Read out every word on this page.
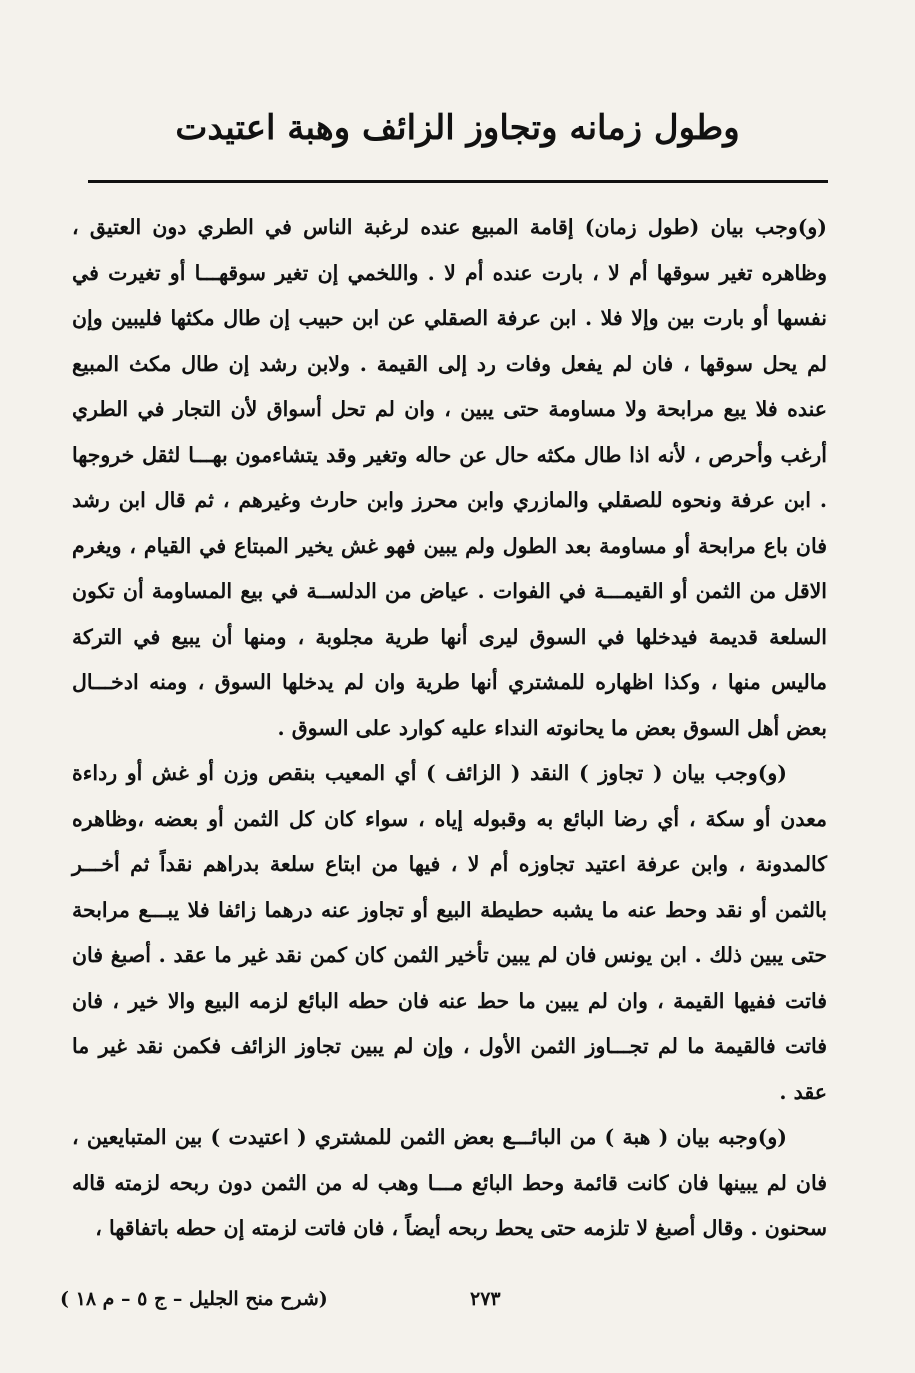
وطول زمانه وتجاوز الزائف وهبة اعتيدت

(و)وجب بيان (طول زمان) إقامة المبيع عنده لرغبة الناس في الطري دون العتيق ، وظاهره تغير سوقها أم لا ، بارت عنده أم لا . واللخمي إن تغير سوقهـــا أو تغيرت في نفسها أو بارت بين وإلا فلا . ابن عرفة الصقلي عن ابن حبيب إن طال مكثها فليبين وإن لم يحل سوقها ، فان لم يفعل وفات رد إلى القيمة . ولابن رشد إن طال مكث المبيع عنده فلا يبع مرابحة ولا مساومة حتى يبين ، وان لم تحل أسواق لأن التجار في الطري أرغب وأحرص ، لأنه اذا طال مكثه حال عن حاله وتغير وقد يتشاءمون بهـــا لثقل خروجها . ابن عرفة ونحوه للصقلي والمازري وابن محرز وابن حارث وغيرهم ، ثم قال ابن رشد فان باع مرابحة أو مساومة بعد الطول ولم يبين فهو غش يخير المبتاع في القيام ، ويغرم الاقل من الثمن أو القيمـــة في الفوات . عياض من الدلســة في بيع المساومة أن تكون السلعة قديمة فيدخلها في السوق ليرى أنها طرية مجلوبة ، ومنها أن يبيع في التركة ماليس منها ، وكذا اظهاره للمشتري أنها طرية وان لم يدخلها السوق ، ومنه ادخـــال بعض أهل السوق بعض ما يحانوته النداء عليه كوارد على السوق .

(و)وجب بيان ( تجاوز ) النقد ( الزائف ) أي المعيب بنقص وزن أو غش أو رداءة معدن أو سكة ، أي رضا البائع به وقبوله إياه ، سواء كان كل الثمن أو بعضه ،وظاهره كالمدونة ، وابن عرفة اعتيد تجاوزه أم لا ، فيها من ابتاع سلعة بدراهم نقداً ثم أخـــر بالثمن أو نقد وحط عنه ما يشبه حطيطة البيع أو تجاوز عنه درهما زائفا فلا يبـــع مرابحة حتى يبين ذلك . ابن يونس فان لم يبين تأخير الثمن كان كمن نقد غير ما عقد . أصبغ فان فاتت ففيها القيمة ، وان لم يبين ما حط عنه فان حطه البائع لزمه البيع والا خير ، فان فاتت فالقيمة ما لم تجـــاوز الثمن الأول ، وإن لم يبين تجاوز الزائف فكمن نقد غير ما عقد .

(و)وجبه بيان ( هبة ) من البائـــع بعض الثمن للمشتري ( اعتيدت ) بين المتبايعين ، فان لم يبينها فان كانت قائمة وحط البائع مـــا وهب له من الثمن دون ربحه لزمته قاله سحنون . وقال أصبغ لا تلزمه حتى يحط ربحه أيضاً ، فان فاتت لزمته إن حطه باتفاقها ،

٢٧٣
(شرح منح الجليل – ج ٥ – م ١٨ )
